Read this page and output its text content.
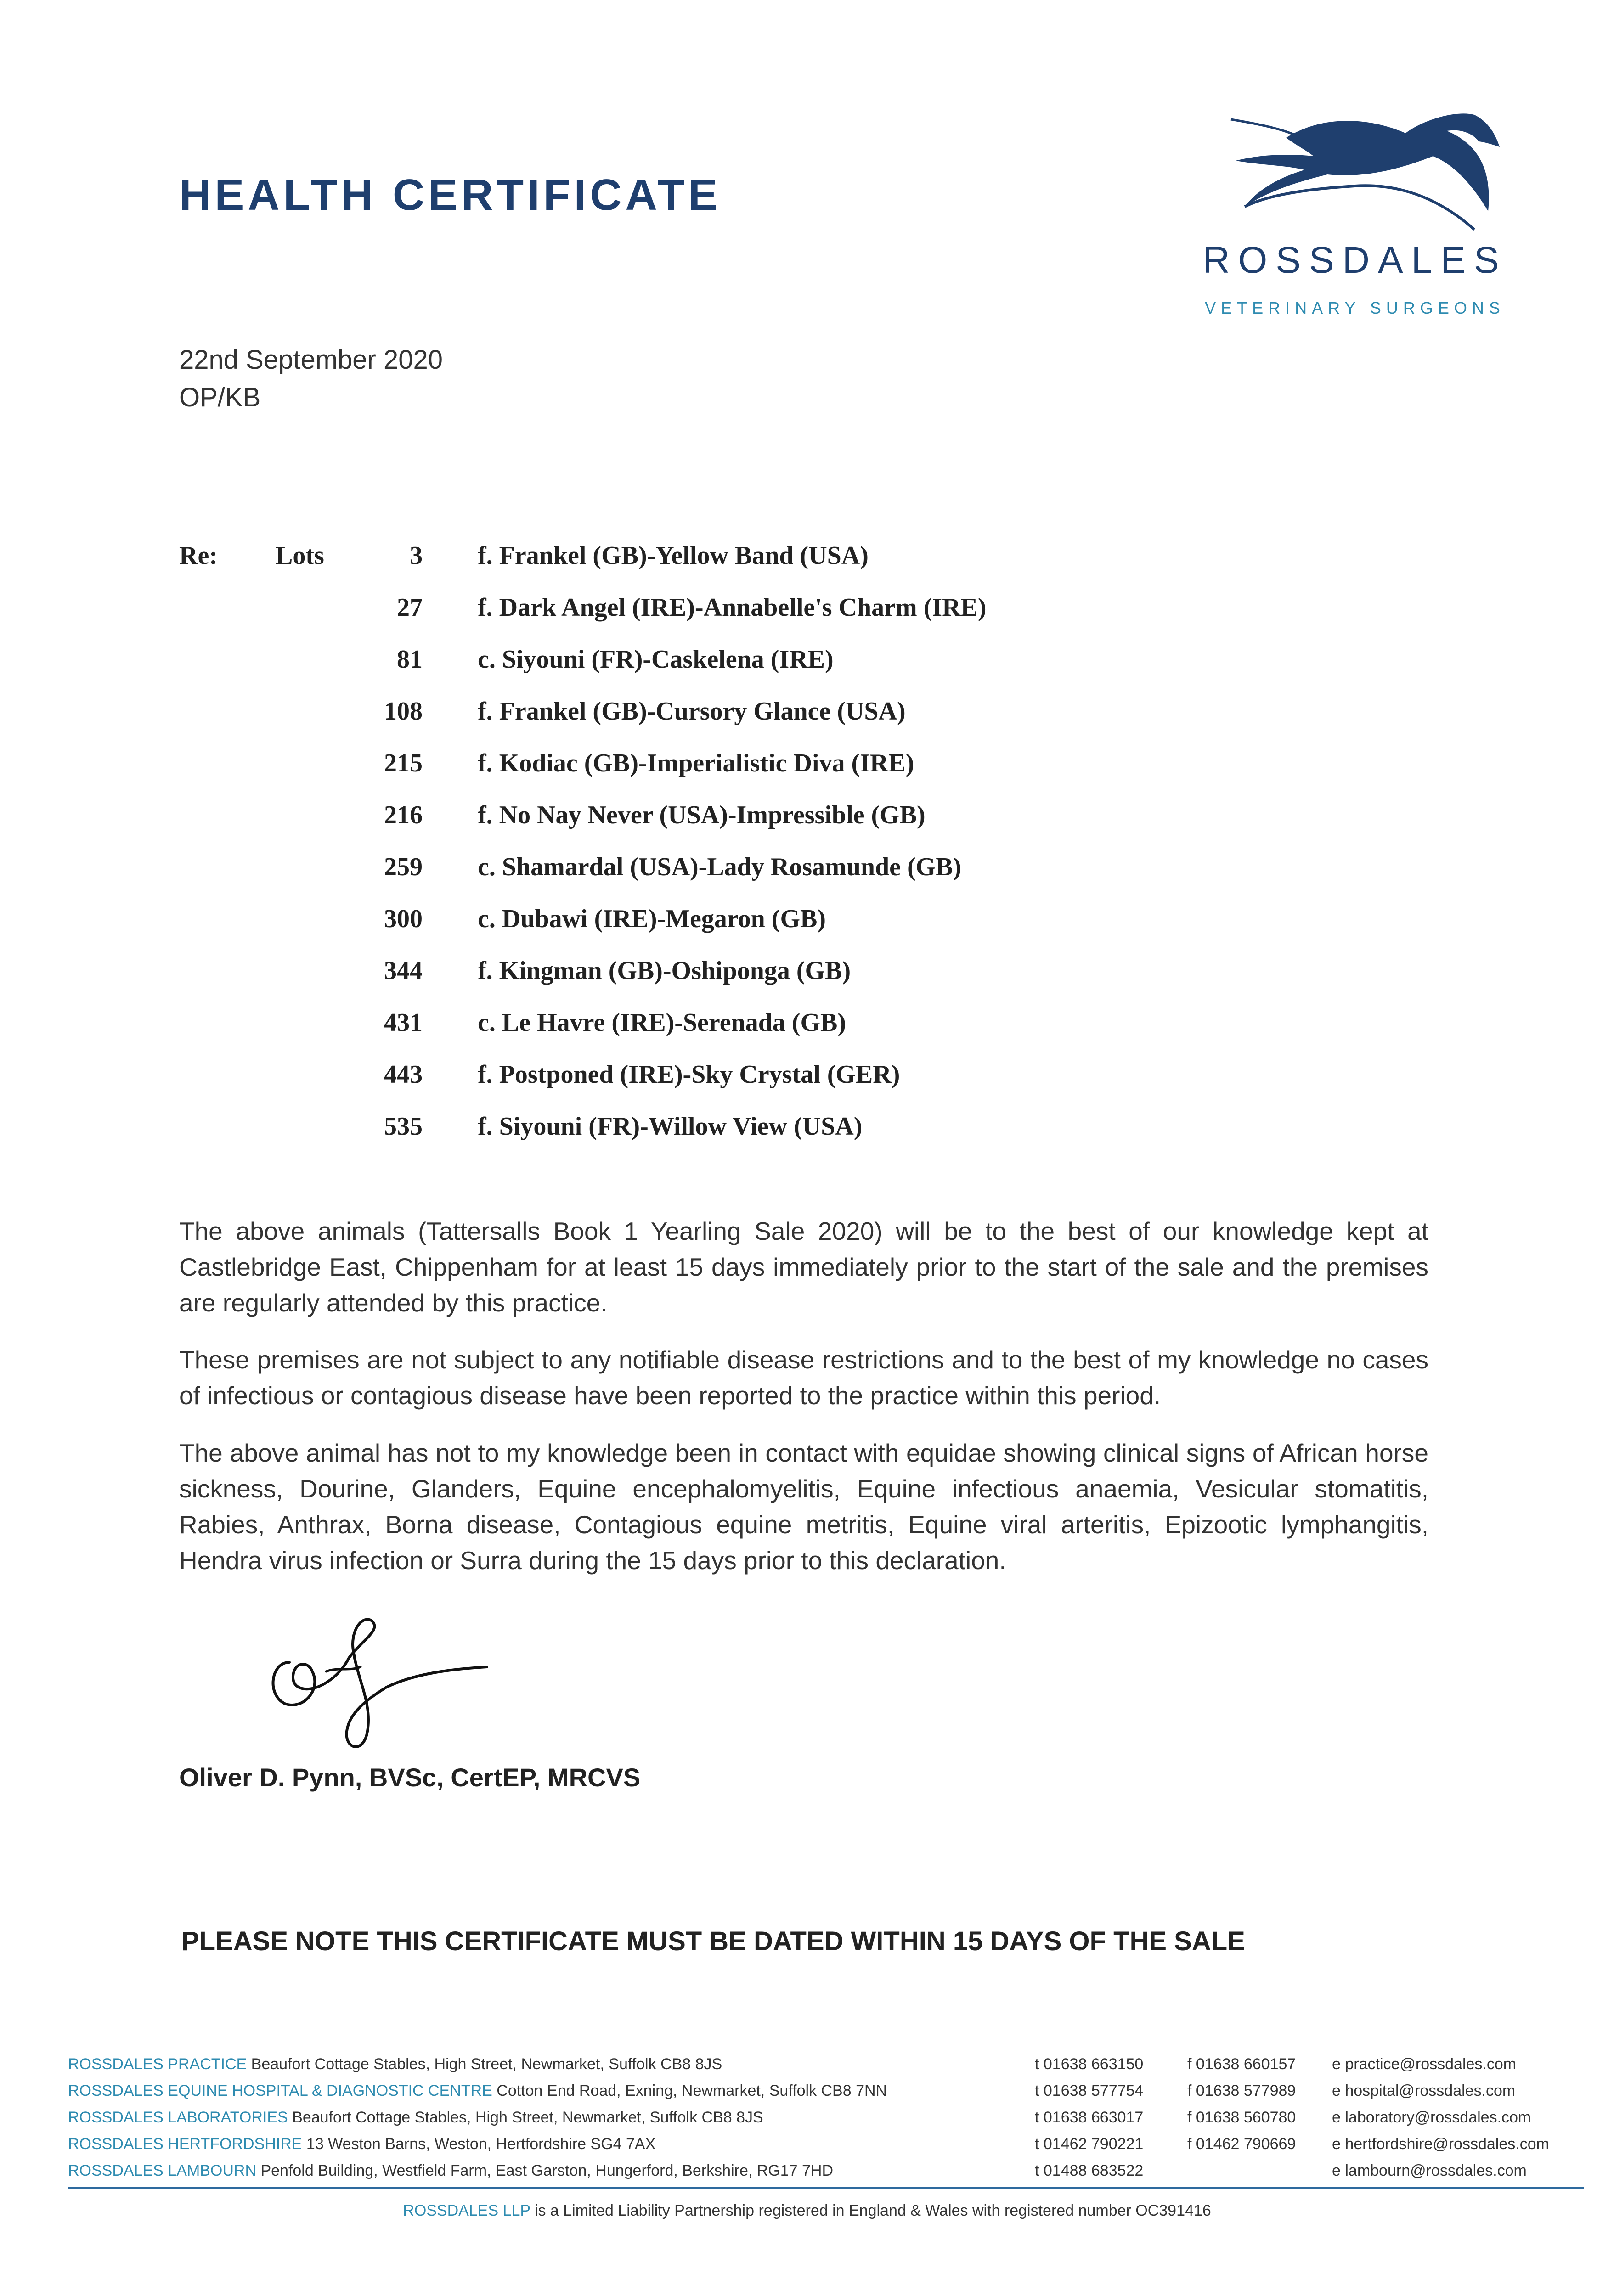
HEALTH CERTIFICATE
ROSSDALES
VETERINARY SURGEONS
22nd September 2020
OP/KB
Re: Lots	3 f. Frankel (GB)-Yellow Band (USA)
27 f. Dark Angel (IRE)-Annabelle's Charm (IRE)
81 c. Siyouni (FR)-Caskelena (IRE)
108 f. Frankel (GB)-Cursory Glance (USA)
215 f. Kodiac (GB)-Imperialistic Diva (IRE)
216 f. No Nay Never (USA)-Impressible (GB)
259 c. Shamardal (USA)-Lady Rosamunde (GB)
300 c. Dubawi (IRE)-Megaron (GB)
344 f. Kingman (GB)-Oshiponga (GB)
431 c. Le Havre (IRE)-Serenada (GB)
443 f. Postponed (IRE)-Sky Crystal (GER)
535 f. Siyouni (FR)-Willow View (USA)
The above animals (Tattersalls Book 1 Yearling Sale 2020) will be to the best of our knowledge kept at Castlebridge East, Chippenham for at least 15 days immediately prior to the start of the sale and the premises are regularly attended by this practice.
These premises are not subject to any notifiable disease restrictions and to the best of my knowledge no cases of infectious or contagious disease have been reported to the practice within this period.
The above animal has not to my knowledge been in contact with equidae showing clinical signs of African horse sickness, Dourine, Glanders, Equine encephalomyelitis, Equine infectious anaemia, Vesicular stomatitis, Rabies, Anthrax, Borna disease, Contagious equine metritis, Equine viral arteritis, Epizootic lymphangitis, Hendra virus infection or Surra during the 15 days prior to this declaration.
Oliver D. Pynn, BVSc, CertEP, MRCVS
PLEASE NOTE THIS CERTIFICATE MUST BE DATED WITHIN 15 DAYS OF THE SALE
ROSSDALES PRACTICE Beaufort Cottage Stables, High Street, Newmarket, Suffolk CB8 8JS
ROSSDALES EQUINE HOSPITAL & DIAGNOSTIC CENTRE Cotton End Road, Exning, Newmarket, Suffolk CB8 7NN
ROSSDALES LABORATORIES Beaufort Cottage Stables, High Street, Newmarket, Suffolk CB8 8JS
ROSSDALES HERTFORDSHIRE 13 Weston Barns, Weston, Hertfordshire SG4 7AX
ROSSDALES LAMBOURN Penfold Building, Westfield Farm, East Garston, Hungerford, Berkshire, RG17 7HD
t 01638 663150
t 01638 577754
t 01638 663017
t 01462 790221
t 01488 683522
f 01638 660157
f 01638 577989
f 01638 560780
f 01462 790669
e practice@rossdales.com
e hospital@rossdales.com
e laboratory@rossdales.com
e hertfordshire@rossdales.com
e lambourn@rossdales.com
ROSSDALES LLP is a Limited Liability Partnership registered in England & Wales with registered number OC391416
